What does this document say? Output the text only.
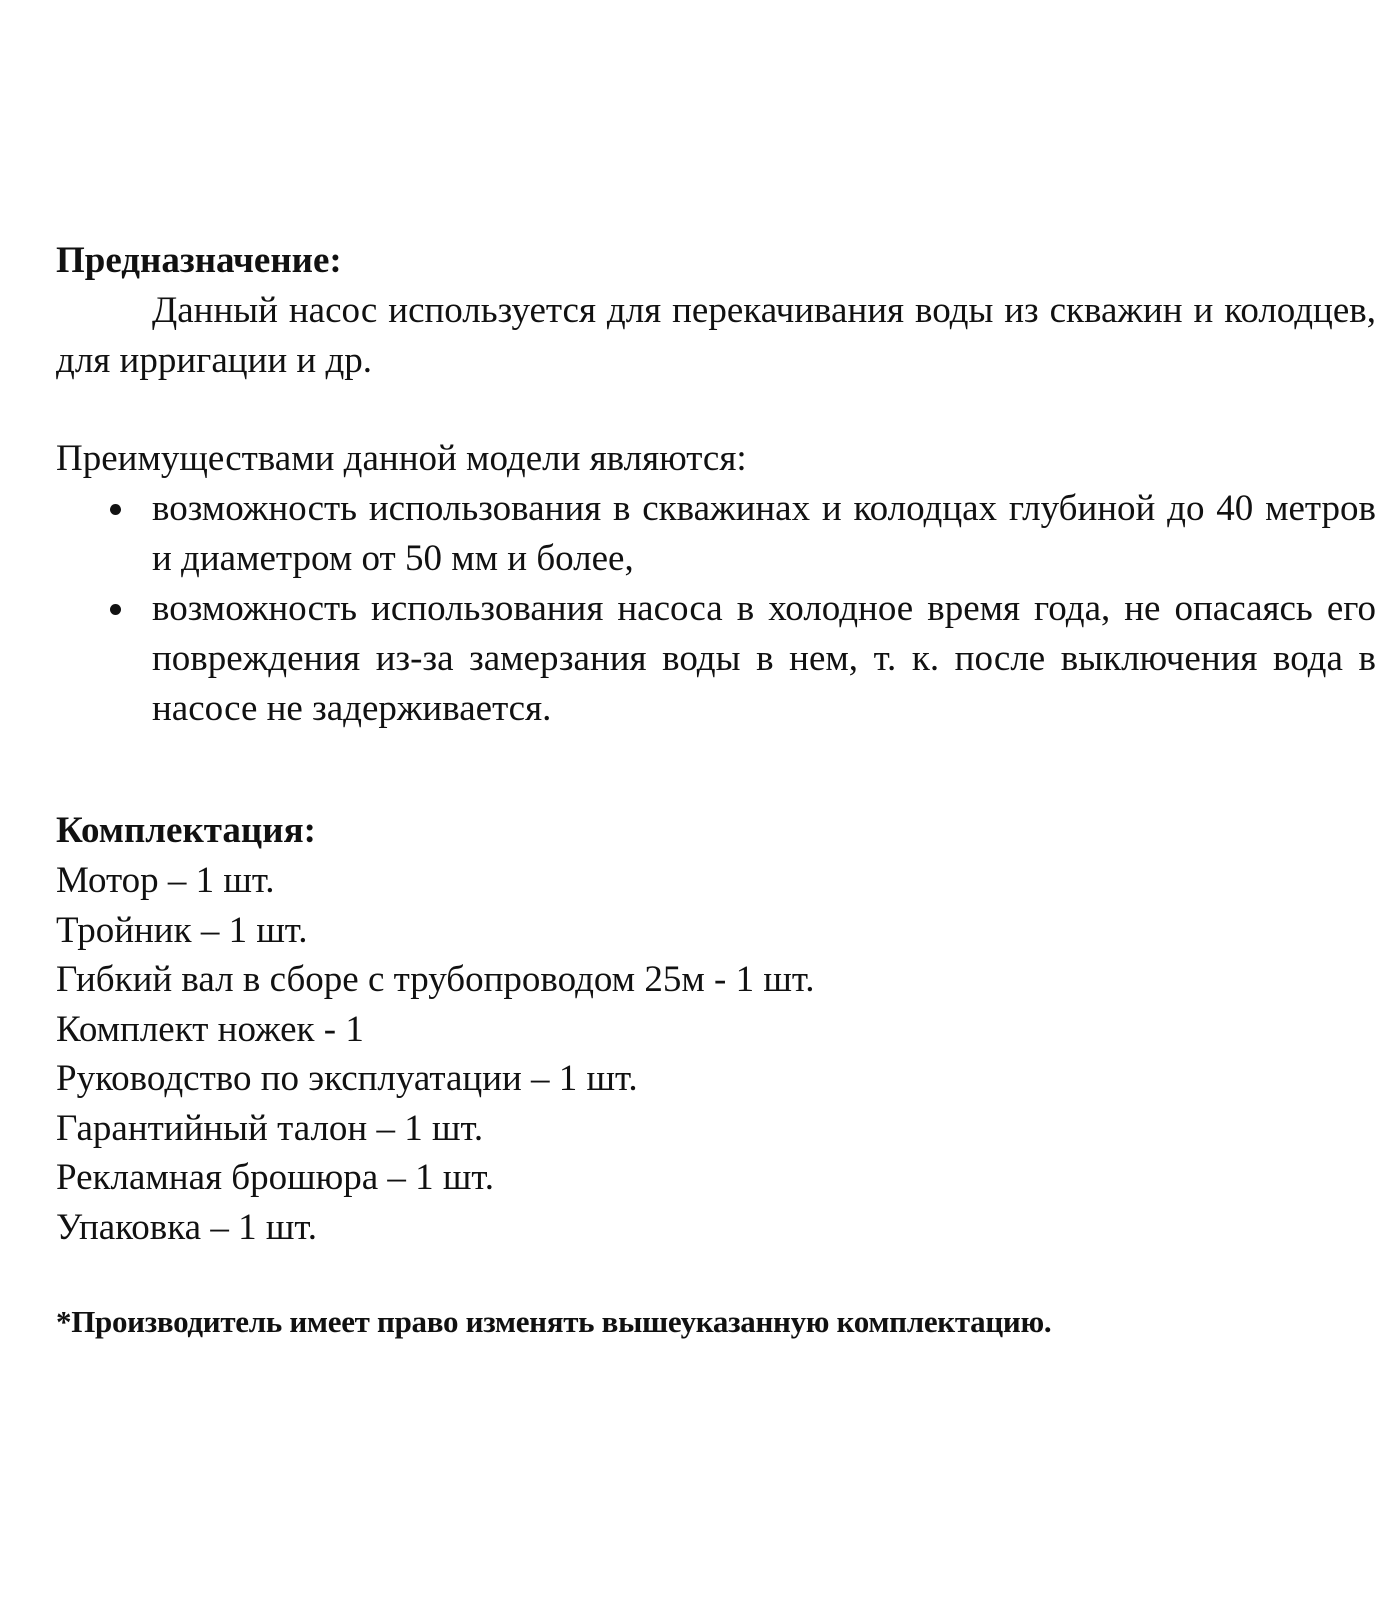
Предназначение:

Данный насос используется для перекачивания воды из скважин и колодцев, для ирригации и др.

Преимуществами данной модели являются:

возможность использования в скважинах и колодцах глубиной до 40 метров и диаметром от 50 мм и более,
возможность использования насоса в холодное время года, не опасаясь его повреждения из-за замерзания воды в нем, т. к. после выключения вода в насосе не задерживается.
Комплектация:

Мотор – 1 шт.

Тройник – 1 шт.

Гибкий вал в сборе с трубопроводом 25м - 1 шт.

Комплект ножек - 1

Руководство по эксплуатации – 1 шт.

Гарантийный талон – 1 шт.

Рекламная брошюра – 1 шт.

Упаковка – 1 шт.

*Производитель имеет право изменять вышеуказанную комплектацию.
